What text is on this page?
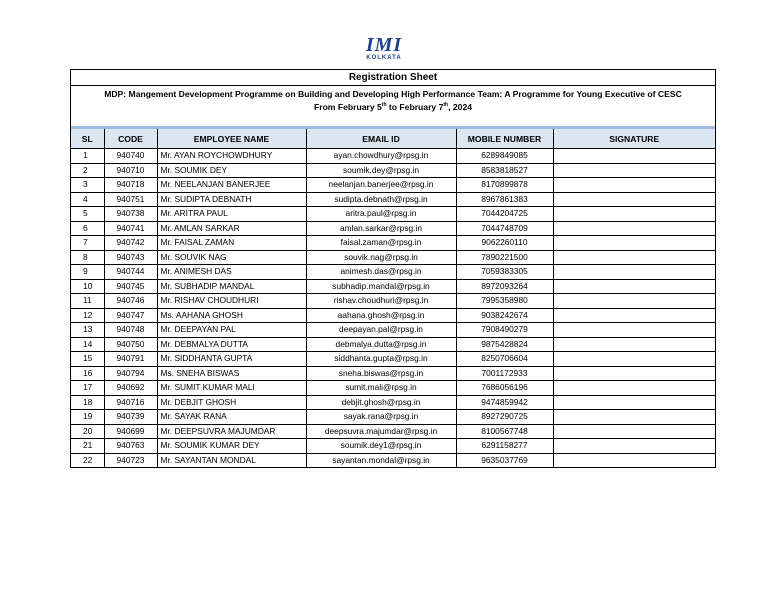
IMI
KOLKATA
Registration Sheet
MDP: Mangement Development Programme on Building and Developing High Performance Team: A Programme for Young Executive of CESC
From February 5th to February 7th, 2024
SL	CODE	EMPLOYEE NAME	EMAIL ID	MOBILE NUMBER	SIGNATURE
1	940740	Mr. AYAN ROYCHOWDHURY	ayan.chowdhury@rpsg.in	6289849085	
2	940710	Mr. SOUMIK DEY	soumik.dey@rpsg.in	8583818527	
3	940718	Mr. NEELANJAN BANERJEE	neelanjan.banerjee@rpsg.in	8170899878	
4	940751	Mr. SUDIPTA DEBNATH	sudipta.debnath@rpsg.in	8967861383	
5	940738	Mr. ARITRA PAUL	aritra.paul@rpsg.in	7044204725	
6	940741	Mr. AMLAN SARKAR	amlan.sarkar@rpsg.in	7044748709	
7	940742	Mr. FAISAL ZAMAN	faisal.zaman@rpsg.in	9062260110	
8	940743	Mr. SOUVIK NAG	souvik.nag@rpsg.in	7890221500	
9	940744	Mr. ANIMESH DAS	animesh.das@rpsg.in	7059383305	
10	940745	Mr. SUBHADIP MANDAL	subhadip.mandal@rpsg.in	8972093264	
11	940746	Mr. RISHAV CHOUDHURI	rishav.choudhuri@rpsg.in	7995358980	
12	940747	Ms. AAHANA GHOSH	aahana.ghosh@rpsg.in	9038242674	
13	940748	Mr. DEEPAYAN PAL	deepayan.pal@rpsg.in	7908490279	
14	940750	Mr. DEBMALYA DUTTA	debmalya.dutta@rpsg.in	9875428824	
15	940791	Mr. SIDDHANTA GUPTA	siddhanta.gupta@rpsg.in	8250706604	
16	940794	Ms. SNEHA BISWAS	sneha.biswas@rpsg.in	7001172933	
17	940692	Mr. SUMIT KUMAR MALI	sumit.mali@rpsg.in	7686056196	
18	940716	Mr. DEBJIT GHOSH	debjit.ghosh@rpsg.in	9474859942	
19	940739	Mr. SAYAK RANA	sayak.rana@rpsg.in	8927290725	
20	940699	Mr. DEEPSUVRA MAJUMDAR	deepsuvra.majumdar@rpsg.in	8100567748	
21	940763	Mr. SOUMIK KUMAR DEY	soumik.dey1@rpsg.in	6291158277	
22	940723	Mr. SAYANTAN MONDAL	sayantan.mondal@rpsg.in	9635037769	
